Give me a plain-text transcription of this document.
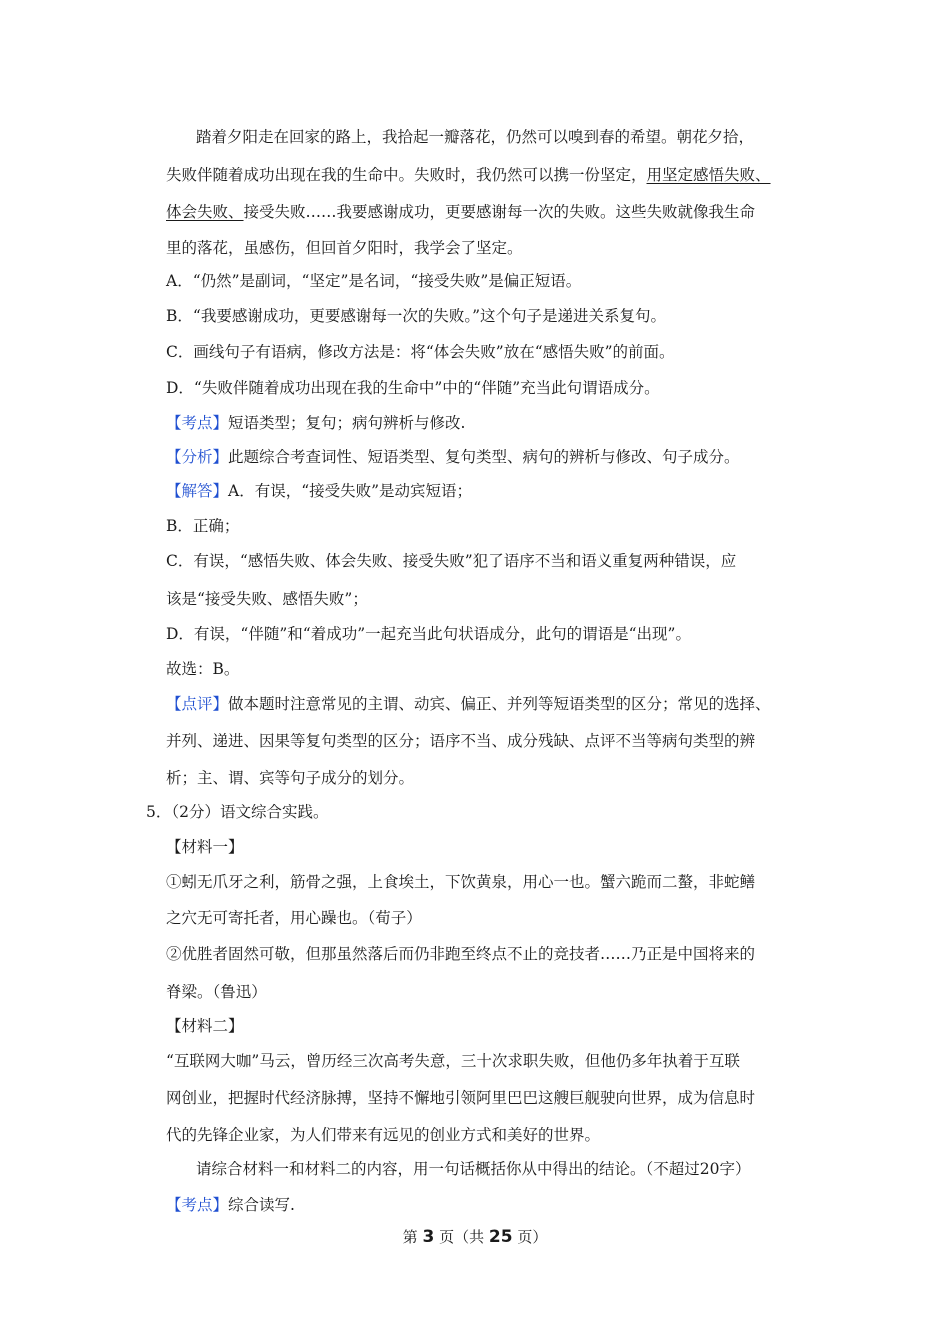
踏着夕阳走在回家的路上，我拾起一瓣落花，仍然可以嗅到春的希望。朝花夕拾，
失败伴随着成功出现在我的生命中。失败时，我仍然可以携一份坚定，用坚定感悟失败、
体会失败、接受失败……我要感谢成功，更要感谢每一次的失败。这些失败就像我生命
里的落花，虽感伤，但回首夕阳时，我学会了坚定。
A．“仍然”是副词，“坚定”是名词，“接受失败”是偏正短语。
B．“我要感谢成功，更要感谢每一次的失败。”这个句子是递进关系复句。
C．画线句子有语病，修改方法是：将“体会失败”放在“感悟失败”的前面。
D．“失败伴随着成功出现在我的生命中”中的“伴随”充当此句谓语成分。
【考点】短语类型；复句；病句辨析与修改.
【分析】此题综合考查词性、短语类型、复句类型、病句的辨析与修改、句子成分。
【解答】A．有误，“接受失败”是动宾短语；
B．正确；
C．有误，“感悟失败、体会失败、接受失败”犯了语序不当和语义重复两种错误，应
该是“接受失败、感悟失败”；
D．有误，“伴随”和“着成功”一起充当此句状语成分，此句的谓语是“出现”。
故选：B。
【点评】做本题时注意常见的主谓、动宾、偏正、并列等短语类型的区分；常见的选择、
并列、递进、因果等复句类型的区分；语序不当、成分残缺、点评不当等病句类型的辨
析；主、谓、宾等句子成分的划分。
5．（2分）语文综合实践。
【材料一】
①蚓无爪牙之利，筋骨之强，上食埃土，下饮黄泉，用心一也。蟹六跪而二螯，非蛇鳝
之穴无可寄托者，用心躁也。（荀子）
②优胜者固然可敬，但那虽然落后而仍非跑至终点不止的竞技者……乃正是中国将来的
脊梁。（鲁迅）
【材料二】
“互联网大咖”马云，曾历经三次高考失意，三十次求职失败，但他仍多年执着于互联
网创业，把握时代经济脉搏，坚持不懈地引领阿里巴巴这艘巨舰驶向世界，成为信息时
代的先锋企业家，为人们带来有远见的创业方式和美好的世界。
请综合材料一和材料二的内容，用一句话概括你从中得出的结论。（不超过20字）
【考点】综合读写.
第 3 页（共 25 页）
